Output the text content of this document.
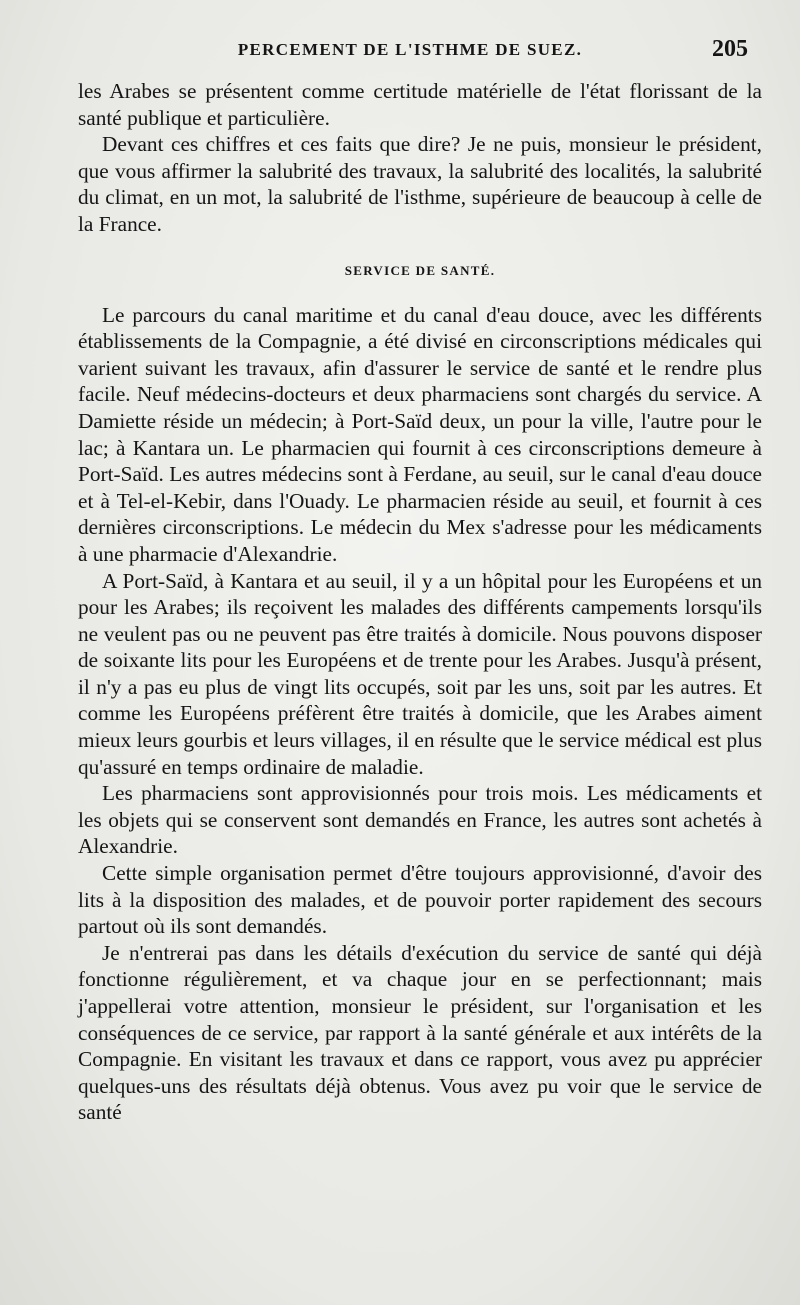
PERCEMENT DE L'ISTHME DE SUEZ.	205

les Arabes se présentent comme certitude matérielle de l'état florissant de la santé publique et particulière.

Devant ces chiffres et ces faits que dire? Je ne puis, monsieur le président, que vous affirmer la salubrité des travaux, la salubrité des localités, la salubrité du climat, en un mot, la salubrité de l'isthme, supérieure de beaucoup à celle de la France.

SERVICE DE SANTÉ.

Le parcours du canal maritime et du canal d'eau douce, avec les différents établissements de la Compagnie, a été divisé en circonscriptions médicales qui varient suivant les travaux, afin d'assurer le service de santé et le rendre plus facile. Neuf médecins-docteurs et deux pharmaciens sont chargés du service. A Damiette réside un médecin; à Port-Saïd deux, un pour la ville, l'autre pour le lac; à Kantara un. Le pharmacien qui fournit à ces circonscriptions demeure à Port-Saïd. Les autres médecins sont à Ferdane, au seuil, sur le canal d'eau douce et à Tel-el-Kebir, dans l'Ouady. Le pharmacien réside au seuil, et fournit à ces dernières circonscriptions. Le médecin du Mex s'adresse pour les médicaments à une pharmacie d'Alexandrie.

A Port-Saïd, à Kantara et au seuil, il y a un hôpital pour les Européens et un pour les Arabes; ils reçoivent les malades des différents campements lorsqu'ils ne veulent pas ou ne peuvent pas être traités à domicile. Nous pouvons disposer de soixante lits pour les Européens et de trente pour les Arabes. Jusqu'à présent, il n'y a pas eu plus de vingt lits occupés, soit par les uns, soit par les autres. Et comme les Européens préfèrent être traités à domicile, que les Arabes aiment mieux leurs gourbis et leurs villages, il en résulte que le service médical est plus qu'assuré en temps ordinaire de maladie.

Les pharmaciens sont approvisionnés pour trois mois. Les médicaments et les objets qui se conservent sont demandés en France, les autres sont achetés à Alexandrie.

Cette simple organisation permet d'être toujours approvisionné, d'avoir des lits à la disposition des malades, et de pouvoir porter rapidement des secours partout où ils sont demandés.

Je n'entrerai pas dans les détails d'exécution du service de santé qui déjà fonctionne régulièrement, et va chaque jour en se perfectionnant; mais j'appellerai votre attention, monsieur le président, sur l'organisation et les conséquences de ce service, par rapport à la santé générale et aux intérêts de la Compagnie. En visitant les travaux et dans ce rapport, vous avez pu apprécier quelques-uns des résultats déjà obtenus. Vous avez pu voir que le service de santé
